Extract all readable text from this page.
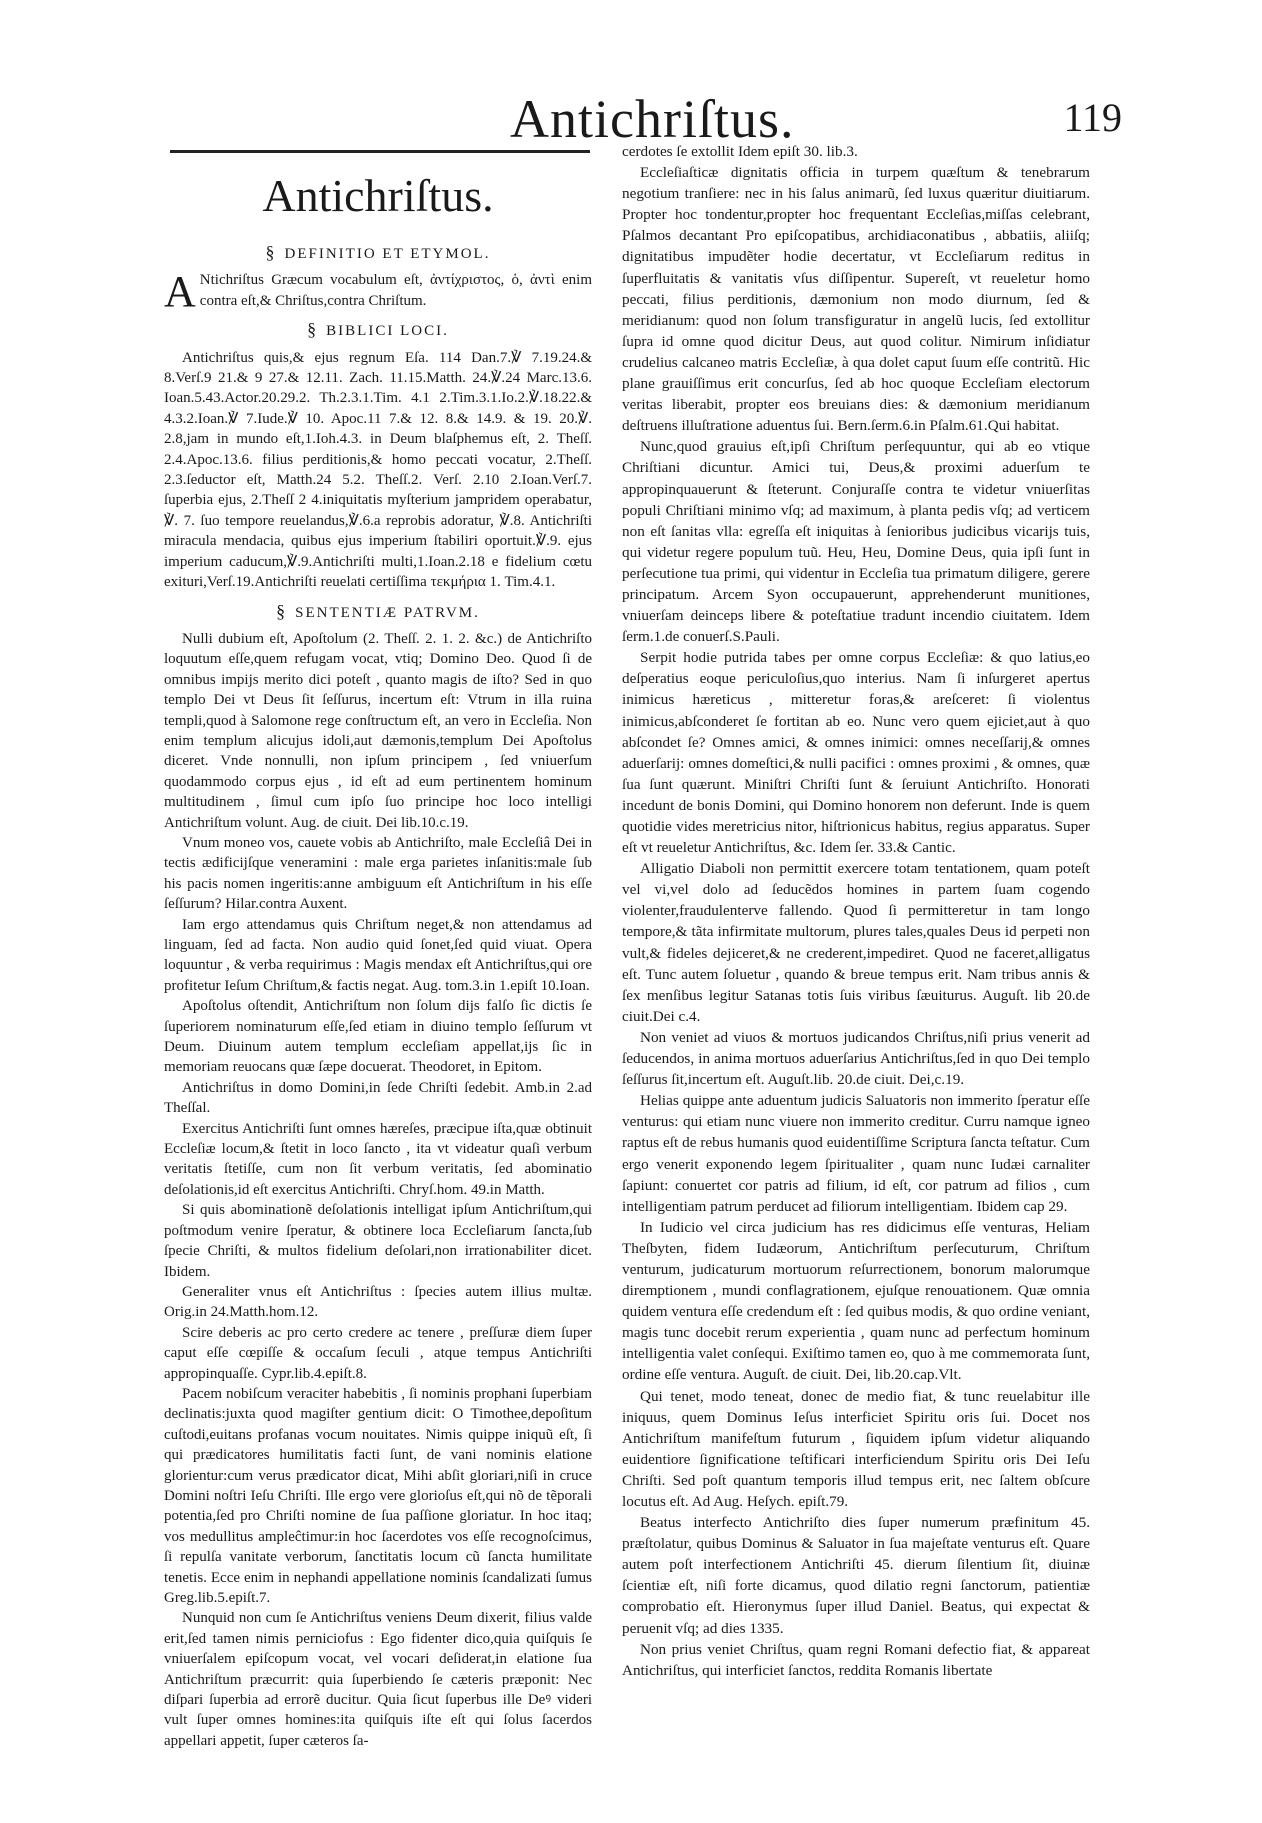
Antichriſtus.	119
Antichriſtus.
§ DEFINITIO ET ETYMOL.

A Ntichriſtus Græcum vocabulum eſt, ἀντίχριστος, ὁ, ἀντὶ enim contra eſt,& Chriſtus,contra Chriſtum.

§ BIBLICI LOCI.

Antichriſtus quis,& ejus regnum Eſa. 114 Dan.7.℣ 7.19.24.& 8.Verſ.9 21.& 9 27.& 12.11. Zach. 11.15.Matth. 24.℣.24 Marc.13.6. Ioan.5.43.Actor.20.29.2. Th.2.3.1.Tim. 4.1 2.Tim.3.1.Io.2.℣.18.22.& 4.3.2.Ioan.℣ 7.Iude.℣ 10. Apoc.11 7.& 12. 8.& 14.9. & 19. 20.℣. 2.8,jam in mundo eſt,1.Ioh.4.3. in Deum blaſphemus eſt, 2. Theſſ. 2.4.Apoc.13.6. filius perditionis,& homo peccati vocatur, 2.Theſſ. 2.3.ſeductor eſt, Matth.24 5.2. Theſſ.2. Verſ. 2.10 2.Ioan.Verſ.7. ſuperbia ejus, 2.Theſſ 2 4.iniquitatis myſterium jampridem operabatur, ℣. 7. ſuo tempore reuelandus,℣.6.a reprobis adoratur, ℣.8. Antichriſti miracula mendacia, quibus ejus imperium ſtabiliri oportuit.℣.9. ejus imperium caducum,℣.9.Antichriſti multi,1.Ioan.2.18 e fidelium cœtu exituri,Verſ.19.Antichriſti reuelati certiſſima τεκμήρια 1. Tim.4.1.

§ SENTENTIÆ PATRVM.

Nulli dubium eſt, Apoſtolum (2. Theſſ. 2. 1. 2. &c.) de Antichriſto loquutum eſſe,quem refugam vocat, vtiq; Domino Deo. Quod ſi de omnibus impijs merito dici poteſt , quanto magis de iſto? Sed in quo templo Dei vt Deus ſit ſeſſurus, incertum eſt: Vtrum in illa ruina templi,quod à Salomone rege conſtructum eſt, an vero in Eccleſia. Non enim templum alicujus idoli,aut dæmonis,templum Dei Apoſtolus diceret. Vnde nonnulli, non ipſum principem , ſed vniuerſum quodammodo corpus ejus , id eſt ad eum pertinentem hominum multitudinem , ſimul cum ipſo ſuo principe hoc loco intelligi Antichriſtum volunt. Aug. de ciuit. Dei lib.10.c.19.

Vnum moneo vos, cauete vobis ab Antichriſto, male Eccleſiâ Dei in tectis ædificijſque veneramini : male erga parietes inſanitis:male ſub his pacis nomen ingeritis:anne ambiguum eſt Antichriſtum in his eſſe ſeſſurum? Hilar.contra Auxent.

Iam ergo attendamus quis Chriſtum neget,& non attendamus ad linguam, ſed ad facta. Non audio quid ſonet,ſed quid viuat. Opera loquuntur , & verba requirimus : Magis mendax eſt Antichriſtus,qui ore profitetur Ieſum Chriſtum,& factis negat. Aug. tom.3.in 1.epiſt 10.Ioan.

Apoſtolus oſtendit, Antichriſtum non ſolum dijs falſo ſic dictis ſe ſuperiorem nominaturum eſſe,ſed etiam in diuino templo ſeſſurum vt Deum. Diuinum autem templum eccleſiam appellat,ijs ſic in memoriam reuocans quæ ſæpe docuerat. Theodoret, in Epitom.

Antichriſtus in domo Domini,in ſede Chriſti ſedebit. Amb.in 2.ad Theſſal.

Exercitus Antichriſti ſunt omnes hæreſes, præcipue iſta,quæ obtinuit Eccleſiæ locum,& ſtetit in loco ſancto , ita vt videatur quaſi verbum veritatis ſtetiſſe, cum non ſit verbum veritatis, ſed abominatio deſolationis,id eſt exercitus Antichriſti. Chryſ.hom. 49.in Matth.

Si quis abominationẽ deſolationis intelligat ipſum Antichriſtum,qui poſtmodum venire ſperatur, & obtinere loca Eccleſiarum ſancta,ſub ſpecie Chriſti, & multos fidelium deſolari,non irrationabiliter dicet. Ibidem.

Generaliter vnus eſt Antichriſtus : ſpecies autem illius multæ. Orig.in 24.Matth.hom.12.

Scire deberis ac pro certo credere ac tenere , preſſuræ diem ſuper caput eſſe cœpiſſe & occaſum ſeculi , atque tempus Antichriſti appropinquaſſe. Cypr.lib.4.epiſt.8.

Pacem nobiſcum veraciter habebitis , ſi nominis prophani ſuperbiam declinatis:juxta quod magiſter gentium dicit: O Timothee,depoſitum cuſtodi,euitans profanas vocum nouitates. Nimis quippe iniquũ eſt, ſi qui prædicatores humilitatis facti ſunt, de vani nominis elatione glorientur:cum verus prædicator dicat, Mihi abſit gloriari,niſi in cruce Domini noſtri Ieſu Chriſti. Ille ergo vere glorioſus eſt,qui nõ de tẽporali potentia,ſed pro Chriſti nomine de ſua paſſione gloriatur. In hoc itaq; vos medullitus ampleĉtimur:in hoc ſacerdotes vos eſſe recognoſcimus, ſi repulſa vanitate verborum, ſanctitatis locum cũ ſancta humilitate tenetis. Ecce enim in nephandi appellatione nominis ſcandalizati ſumus Greg.lib.5.epiſt.7.

Nunquid non cum ſe Antichriſtus veniens Deum dixerit, filius valde erit,ſed tamen nimis perniciofus : Ego fidenter dico,quia quiſquis ſe vniuerſalem epiſcopum vocat, vel vocari deſiderat,in elatione ſua Antichriſtum præcurrit: quia ſuperbiendo ſe cæteris præponit: Nec diſpari ſuperbia ad errorẽ ducitur. Quia ſicut ſuperbus ille Deꝰ videri vult ſuper omnes homines:ita quiſquis iſte eſt qui ſolus ſacerdos appellari appetit, ſuper cæteros ſa-

cerdotes ſe extollit Idem epiſt 30. lib.3.

Eccleſiaſticæ dignitatis officia in turpem quæſtum & tenebrarum negotium tranſiere: nec in his ſalus animarũ, ſed luxus quæritur diuitiarum. Propter hoc tondentur,propter hoc frequentant Eccleſias,miſſas celebrant, Pſalmos decantant Pro epiſcopatibus, archidiaconatibus , abbatiis, aliiſq; dignitatibus impudẽter hodie decertatur, vt Eccleſiarum reditus in ſuperfluitatis & vanitatis vſus diſſipentur. Supereſt, vt reueletur homo peccati, filius perditionis, dæmonium non modo diurnum, ſed & meridianum: quod non ſolum transfiguratur in angelũ lucis, ſed extollitur ſupra id omne quod dicitur Deus, aut quod colitur. Nimirum inſidiatur crudelius calcaneo matris Eccleſiæ, à qua dolet caput ſuum eſſe contritũ. Hic plane grauiſſimus erit concurſus, ſed ab hoc quoque Eccleſiam electorum veritas liberabit, propter eos breuians dies: & dæmonium meridianum deſtruens illuſtratione aduentus ſui. Bern.ſerm.6.in Pſalm.61.Qui habitat.

Nunc,quod grauius eſt,ipſi Chriſtum perſequuntur, qui ab eo vtique Chriſtiani dicuntur. Amici tui, Deus,& proximi aduerſum te appropinquauerunt & ſteterunt. Conjuraſſe contra te videtur vniuerſitas populi Chriſtiani minimo vſq; ad maximum, à planta pedis vſq; ad verticem non eſt ſanitas vlla: egreſſa eſt iniquitas à ſenioribus judicibus vicarijs tuis, qui videtur regere populum tuũ. Heu, Heu, Domine Deus, quia ipſi ſunt in perſecutione tua primi, qui videntur in Eccleſia tua primatum diligere, gerere principatum. Arcem Syon occupauerunt, apprehenderunt munitiones, vniuerſam deinceps libere & poteſtatiue tradunt incendio ciuitatem. Idem ſerm.1.de conuerſ.S.Pauli.

Serpit hodie putrida tabes per omne corpus Eccleſiæ: & quo latius,eo deſperatius eoque periculoſius,quo interius. Nam ſi inſurgeret apertus inimicus hæreticus , mitteretur foras,& areſceret: ſi violentus inimicus,abſconderet ſe fortitan ab eo. Nunc vero quem ejiciet,aut à quo abſcondet ſe? Omnes amici, & omnes inimici: omnes neceſſarij,& omnes aduerſarij: omnes domeſtici,& nulli pacifici : omnes proximi , & omnes, quæ ſua ſunt quærunt. Miniſtri Chriſti ſunt & ſeruiunt Antichriſto. Honorati incedunt de bonis Domini, qui Domino honorem non deferunt. Inde is quem quotidie vides meretricius nitor, hiſtrionicus habitus, regius apparatus. Super eſt vt reueletur Antichriſtus, &c. Idem ſer. 33.& Cantic.

Alligatio Diaboli non permittit exercere totam tentationem, quam poteſt vel vi,vel dolo ad ſeducẽdos homines in partem ſuam cogendo violenter,fraudulenterve fallendo. Quod ſi permitteretur in tam longo tempore,& tãta infirmitate multorum, plures tales,quales Deus id perpeti non vult,& fideles dejiceret,& ne crederent,impediret. Quod ne faceret,alligatus eſt. Tunc autem ſoluetur , quando & breue tempus erit. Nam tribus annis & ſex menſibus legitur Satanas totis ſuis viribus ſæuiturus. Auguſt. lib 20.de ciuit.Dei c.4.

Non veniet ad viuos & mortuos judicandos Chriſtus,niſi prius venerit ad ſeducendos, in anima mortuos aduerſarius Antichriſtus,ſed in quo Dei templo ſeſſurus ſit,incertum eſt. Auguſt.lib. 20.de ciuit. Dei,c.19.

Helias quippe ante aduentum judicis Saluatoris non immerito ſperatur eſſe venturus: qui etiam nunc viuere non immerito creditur. Curru namque igneo raptus eſt de rebus humanis quod euidentiſſime Scriptura ſancta teſtatur. Cum ergo venerit exponendo legem ſpiritualiter , quam nunc Iudæi carnaliter ſapiunt: conuertet cor patris ad filium, id eſt, cor patrum ad filios , cum intelligentiam patrum perducet ad filiorum intelligentiam. Ibidem cap 29.

In Iudicio vel circa judicium has res didicimus eſſe venturas, Heliam Theſbyten, fidem Iudæorum, Antichriſtum perſecuturum, Chriſtum venturum, judicaturum mortuorum reſurrectionem, bonorum malorumque diremptionem , mundi conflagrationem, ejuſque renouationem. Quæ omnia quidem ventura eſſe credendum eſt : ſed quibus modis, & quo ordine veniant, magis tunc docebit rerum experientia , quam nunc ad perfectum hominum intelligentia valet conſequi. Exiſtimo tamen eo, quo à me commemorata ſunt, ordine eſſe ventura. Auguſt. de ciuit. Dei, lib.20.cap.Vlt.

Qui tenet, modo teneat, donec de medio fiat, & tunc reuelabitur ille iniquus, quem Dominus Ieſus interficiet Spiritu oris ſui. Docet nos Antichriſtum manifeſtum futurum , ſiquidem ipſum videtur aliquando euidentiore ſignificatione teſtificari interficiendum Spiritu oris Dei Ieſu Chriſti. Sed poſt quantum temporis illud tempus erit, nec ſaltem obſcure locutus eſt. Ad Aug. Heſych. epiſt.79.

Beatus interfecto Antichriſto dies ſuper numerum præfinitum 45. præſtolatur, quibus Dominus & Saluator in ſua majeſtate venturus eſt. Quare autem poſt interfectionem Antichriſti 45. dierum ſilentium ſit, diuinæ ſcientiæ eſt, niſi forte dicamus, quod dilatio regni ſanctorum, patientiæ comprobatio eſt. Hieronymus ſuper illud Daniel. Beatus, qui expectat & peruenit vſq; ad dies 1335.

Non prius veniet Chriſtus, quam regni Romani defectio fiat, & appareat Antichriſtus, qui interficiet ſanctos, reddita Romanis libertate
